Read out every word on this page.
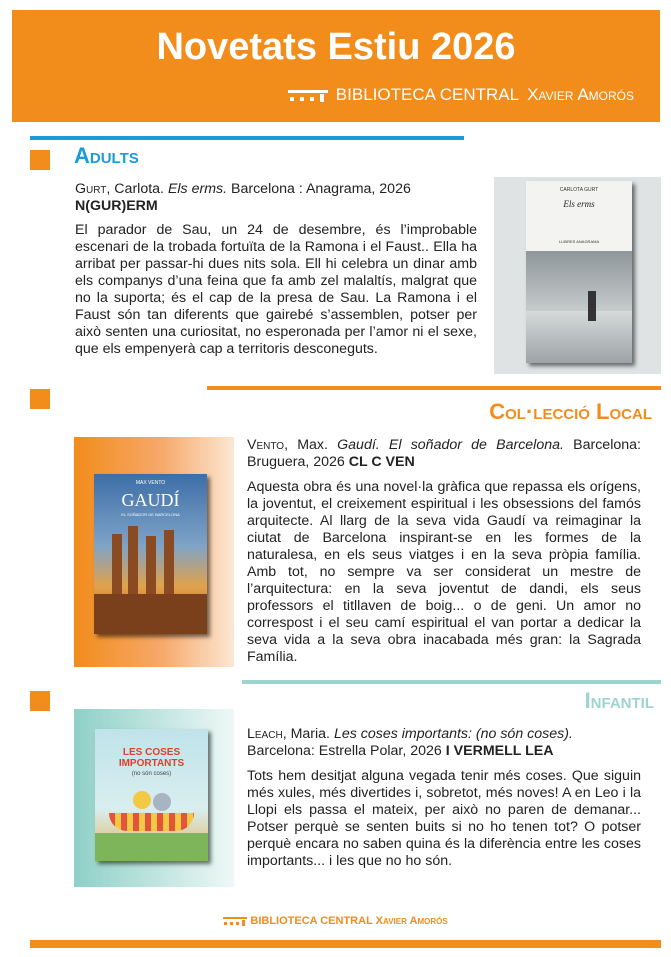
Novetats Estiu 2026
BIBLIOTECA CENTRAL Xavier Amorós
Adults
Gurt, Carlota. Els erms. Barcelona : Anagrama, 2026
N(GUR)ERM
El parador de Sau, un 24 de desembre, és l’improbable escenari de la trobada fortuïta de la Ramona i el Faust.. Ella ha arribat per passar-hi dues nits sola. Ell hi celebra un dinar amb els companys d’una feina que fa amb zel malaltís, malgrat que no la suporta; és el cap de la presa de Sau. La Ramona i el Faust són tan diferents que gairebé s’assemblen, potser per això senten una curiositat, no esperonada per l’amor ni el sexe, que els empenyerà cap a territoris desconeguts.
CARLOTA GURT
Els erms
LLIBRES ANAGRAMA
Col·lecció Local
MAX VENTO
GAUDÍ
EL SOÑADOR DE BARCELONA
Vento, Max. Gaudí. El soñador de Barcelona. Barcelona: Bruguera, 2026 CL C VEN
Aquesta obra és una novel·la gràfica que repassa els orígens, la joventut, el creixement espiritual i les obsessions del famós arquitecte. Al llarg de la seva vida Gaudí va reimaginar la ciutat de Barcelona inspirant-se en les formes de la naturalesa, en els seus viatges i en la seva pròpia família. Amb tot, no sempre va ser considerat un mestre de l’arquitectura: en la seva joventut de dandi, els seus professors el titllaven de boig... o de geni. Un amor no correspost i el seu camí espiritual el van portar a dedicar la seva vida a la seva obra inacabada més gran: la Sagrada Família.
Infantil
LES COSES IMPORTANTS
(no són coses)
Leach, Maria. Les coses importants: (no són coses).
Barcelona: Estrella Polar, 2026 I VERMELL LEA
Tots hem desitjat alguna vegada tenir més coses. Que siguin més xules, més divertides i, sobretot, més noves! A en Leo i la Llopi els passa el mateix, per això no paren de demanar... Potser perquè se senten buits si no ho tenen tot? O potser perquè encara no saben quina és la diferència entre les coses importants... i les que no ho són.
BIBLIOTECA CENTRAL Xavier Amorós
